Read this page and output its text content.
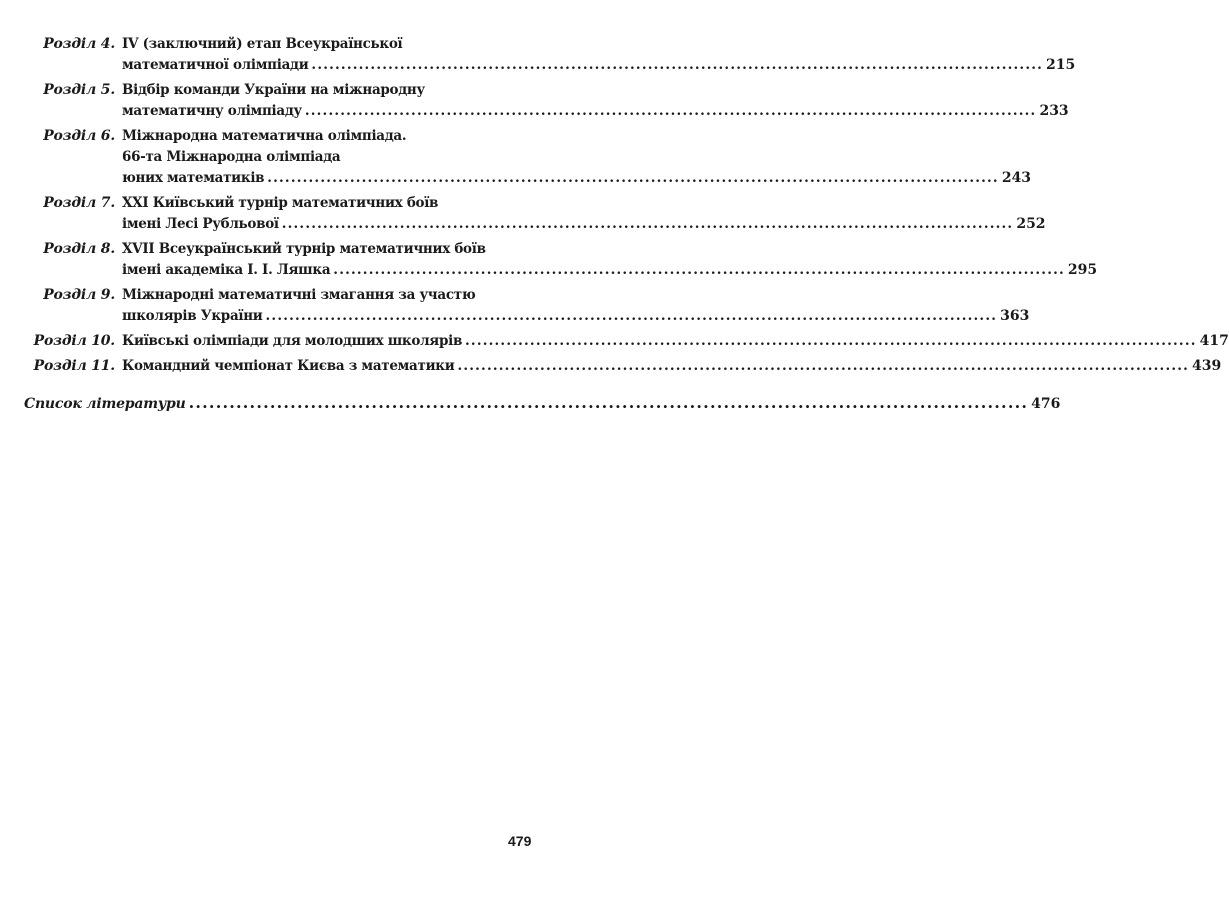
Розділ 4. IV (заключний) етап Всеукраїнської
математичної олімпіади .....	215
Розділ 5. Відбір команди України на міжнародну
математичну олімпіаду .....	233
Розділ 6. Міжнародна математична олімпіада.
66-та Міжнародна олімпіада
юних математиків .....	243
Розділ 7. XXI Київський турнір математичних боїв
імені Лесі Рубльової .....	252
Розділ 8. XVII Всеукраїнський турнір математичних боїв
імені академіка І. І. Ляшка .....	295
Розділ 9. Міжнародні математичні змагання за участю
школярів України .....	363
Розділ 10. Київські олімпіади для молодших школярів .....	417
Розділ 11. Командний чемпіонат Києва з математики .....	439
Список літератури .....	476
479
